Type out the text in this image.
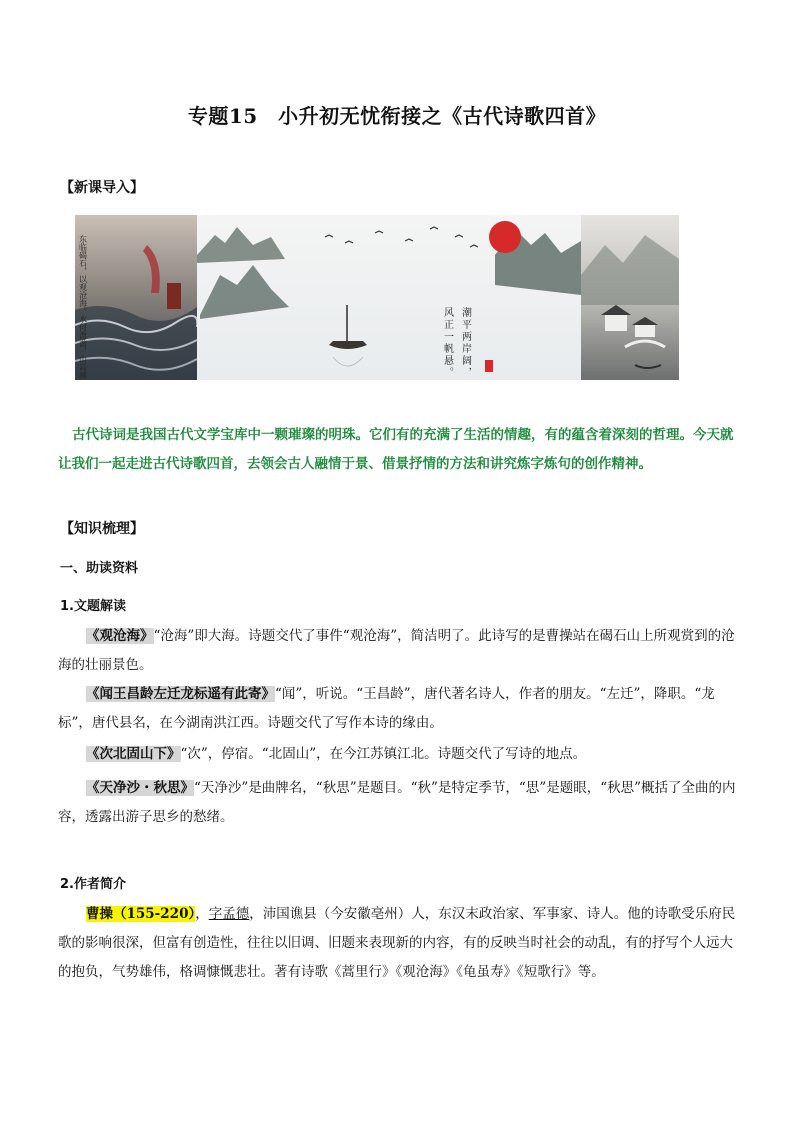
专题15　小升初无忧衔接之《古代诗歌四首》
【新课导入】
东临碣石，以观沧海。水何澹澹，山岛竦峙。	潮平两岸阔，
风正一帆悬。
古代诗词是我国古代文学宝库中一颗璀璨的明珠。它们有的充满了生活的情趣，有的蕴含着深刻的哲理。今天就让我们一起走进古代诗歌四首，去领会古人融情于景、借景抒情的方法和讲究炼字炼句的创作精神。
【知识梳理】
一、助读资料
1.文题解读

《观沧海》“沧海”即大海。诗题交代了事件“观沧海”，简洁明了。此诗写的是曹操站在碣石山上所观赏到的沧海的壮丽景色。

《闻王昌龄左迁龙标遥有此寄》“闻”，听说。“王昌龄”，唐代著名诗人，作者的朋友。“左迁”，降职。“龙标”，唐代县名，在今湖南洪江西。诗题交代了写作本诗的缘由。

《次北固山下》“次”，停宿。“北固山”，在今江苏镇江北。诗题交代了写诗的地点。

《天净沙・秋思》“天净沙”是曲牌名，“秋思”是题目。“秋”是特定季节，“思”是题眼，“秋思”概括了全曲的内容，透露出游子思乡的愁绪。

2.作者简介

曹操（155-220），字孟德，沛国谯县（今安徽亳州）人，东汉末政治家、军事家、诗人。他的诗歌受乐府民歌的影响很深，但富有创造性，往往以旧调、旧题来表现新的内容，有的反映当时社会的动乱，有的抒写个人远大的抱负，气势雄伟，格调慷慨悲壮。著有诗歌《蒿里行》《观沧海》《龟虽寿》《短歌行》等。
